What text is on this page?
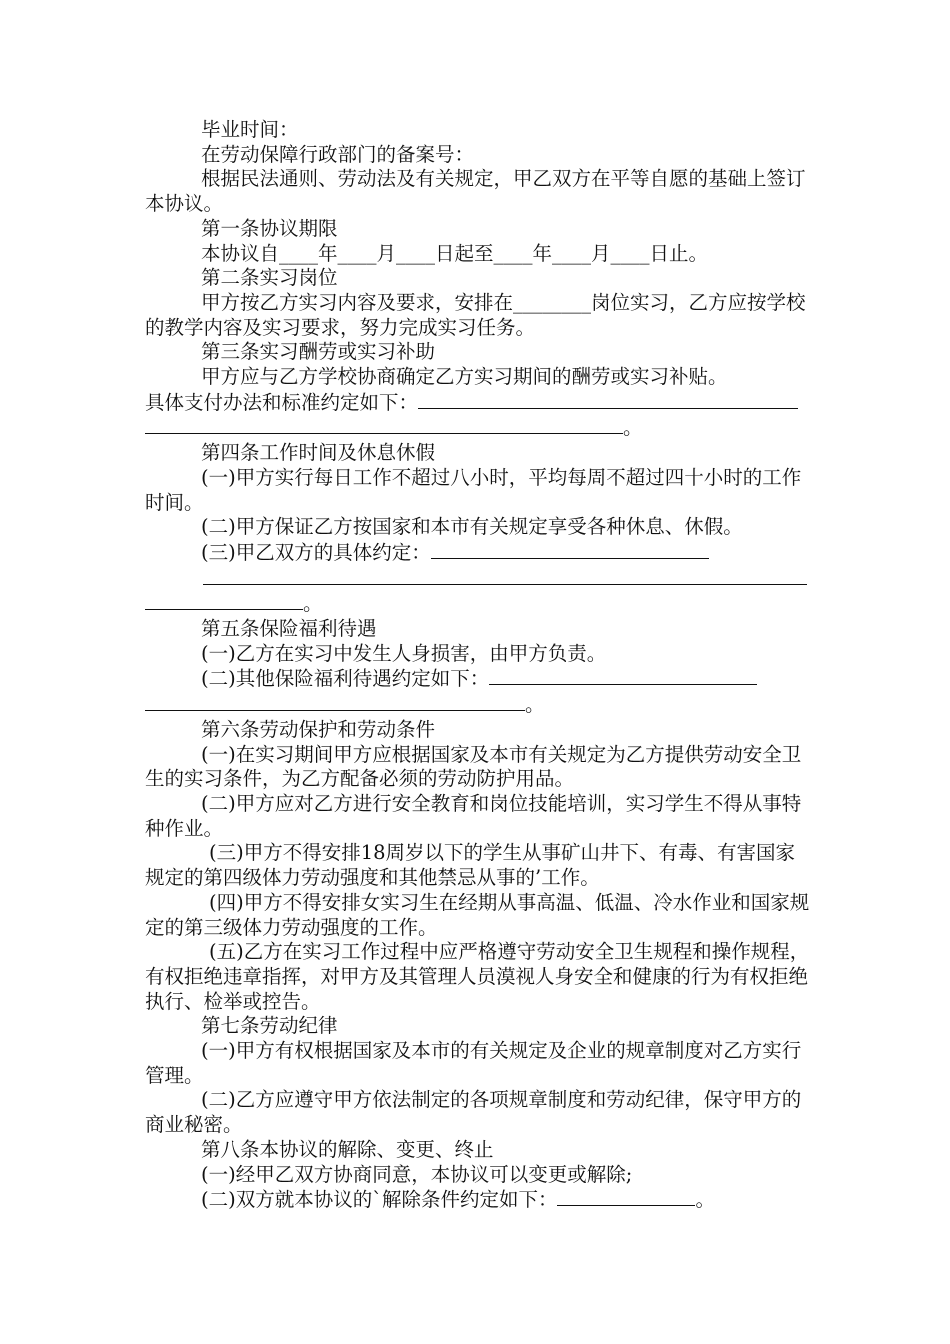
毕业时间：

在劳动保障行政部门的备案号：

根据民法通则、劳动法及有关规定，甲乙双方在平等自愿的基础上签订本协议。

第一条协议期限

本协议自____年____月____日起至____年____月____日止。

第二条实习岗位

甲方按乙方实习内容及要求，安排在________岗位实习，乙方应按学校的教学内容及实习要求，努力完成实习任务。

第三条实习酬劳或实习补助

甲方应与乙方学校协商确定乙方实习期间的酬劳或实习补贴。

具体支付办法和标准约定如下：

。

第四条工作时间及休息休假

(一)甲方实行每日工作不超过八小时，平均每周不超过四十小时的工作时间。

(二)甲方保证乙方按国家和本市有关规定享受各种休息、休假。

(三)甲乙双方的具体约定：

。

第五条保险福利待遇

(一)乙方在实习中发生人身损害，由甲方负责。

(二)其他保险福利待遇约定如下：

。

第六条劳动保护和劳动条件

(一)在实习期间甲方应根据国家及本市有关规定为乙方提供劳动安全卫生的实习条件，为乙方配备必须的劳动防护用品。

(二)甲方应对乙方进行安全教育和岗位技能培训，实习学生不得从事特种作业。

(三)甲方不得安排18周岁以下的学生从事矿山井下、有毒、有害国家规定的第四级体力劳动强度和其他禁忌从事的’工作。

(四)甲方不得安排女实习生在经期从事高温、低温、冷水作业和国家规定的第三级体力劳动强度的工作。

(五)乙方在实习工作过程中应严格遵守劳动安全卫生规程和操作规程，有权拒绝违章指挥，对甲方及其管理人员漠视人身安全和健康的行为有权拒绝执行、检举或控告。

第七条劳动纪律

(一)甲方有权根据国家及本市的有关规定及企业的规章制度对乙方实行管理。

(二)乙方应遵守甲方依法制定的各项规章制度和劳动纪律，保守甲方的商业秘密。

第八条本协议的解除、变更、终止

(一)经甲乙双方协商同意，本协议可以变更或解除;

(二)双方就本协议的`解除条件约定如下：	。
